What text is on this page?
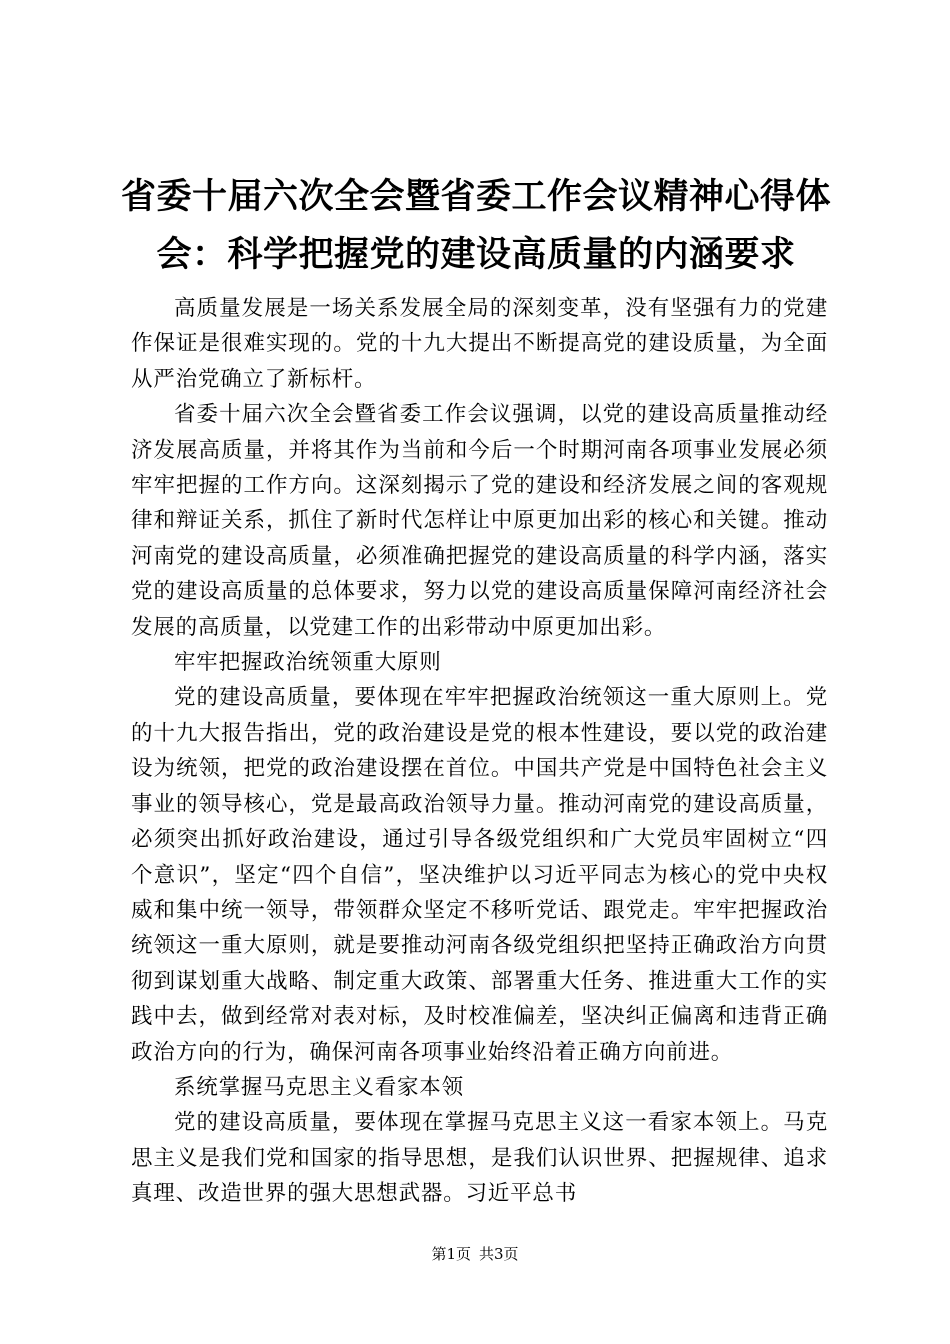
省委十届六次全会暨省委工作会议精神心得体会：科学把握党的建设高质量的内涵要求

高质量发展是一场关系发展全局的深刻变革，没有坚强有力的党建作保证是很难实现的。党的十九大提出不断提高党的建设质量，为全面从严治党确立了新标杆。

省委十届六次全会暨省委工作会议强调，以党的建设高质量推动经济发展高质量，并将其作为当前和今后一个时期河南各项事业发展必须牢牢把握的工作方向。这深刻揭示了党的建设和经济发展之间的客观规律和辩证关系，抓住了新时代怎样让中原更加出彩的核心和关键。推动河南党的建设高质量，必须准确把握党的建设高质量的科学内涵，落实党的建设高质量的总体要求，努力以党的建设高质量保障河南经济社会发展的高质量，以党建工作的出彩带动中原更加出彩。

牢牢把握政治统领重大原则

党的建设高质量，要体现在牢牢把握政治统领这一重大原则上。党的十九大报告指出，党的政治建设是党的根本性建设，要以党的政治建设为统领，把党的政治建设摆在首位。中国共产党是中国特色社会主义事业的领导核心，党是最高政治领导力量。推动河南党的建设高质量，必须突出抓好政治建设，通过引导各级党组织和广大党员牢固树立“四个意识”，坚定“四个自信”，坚决维护以习近平同志为核心的党中央权威和集中统一领导，带领群众坚定不移听党话、跟党走。牢牢把握政治统领这一重大原则，就是要推动河南各级党组织把坚持正确政治方向贯彻到谋划重大战略、制定重大政策、部署重大任务、推进重大工作的实践中去，做到经常对表对标，及时校准偏差，坚决纠正偏离和违背正确政治方向的行为，确保河南各项事业始终沿着正确方向前进。

系统掌握马克思主义看家本领

党的建设高质量，要体现在掌握马克思主义这一看家本领上。马克思主义是我们党和国家的指导思想，是我们认识世界、把握规律、追求真理、改造世界的强大思想武器。习近平总书

第1页 共3页
